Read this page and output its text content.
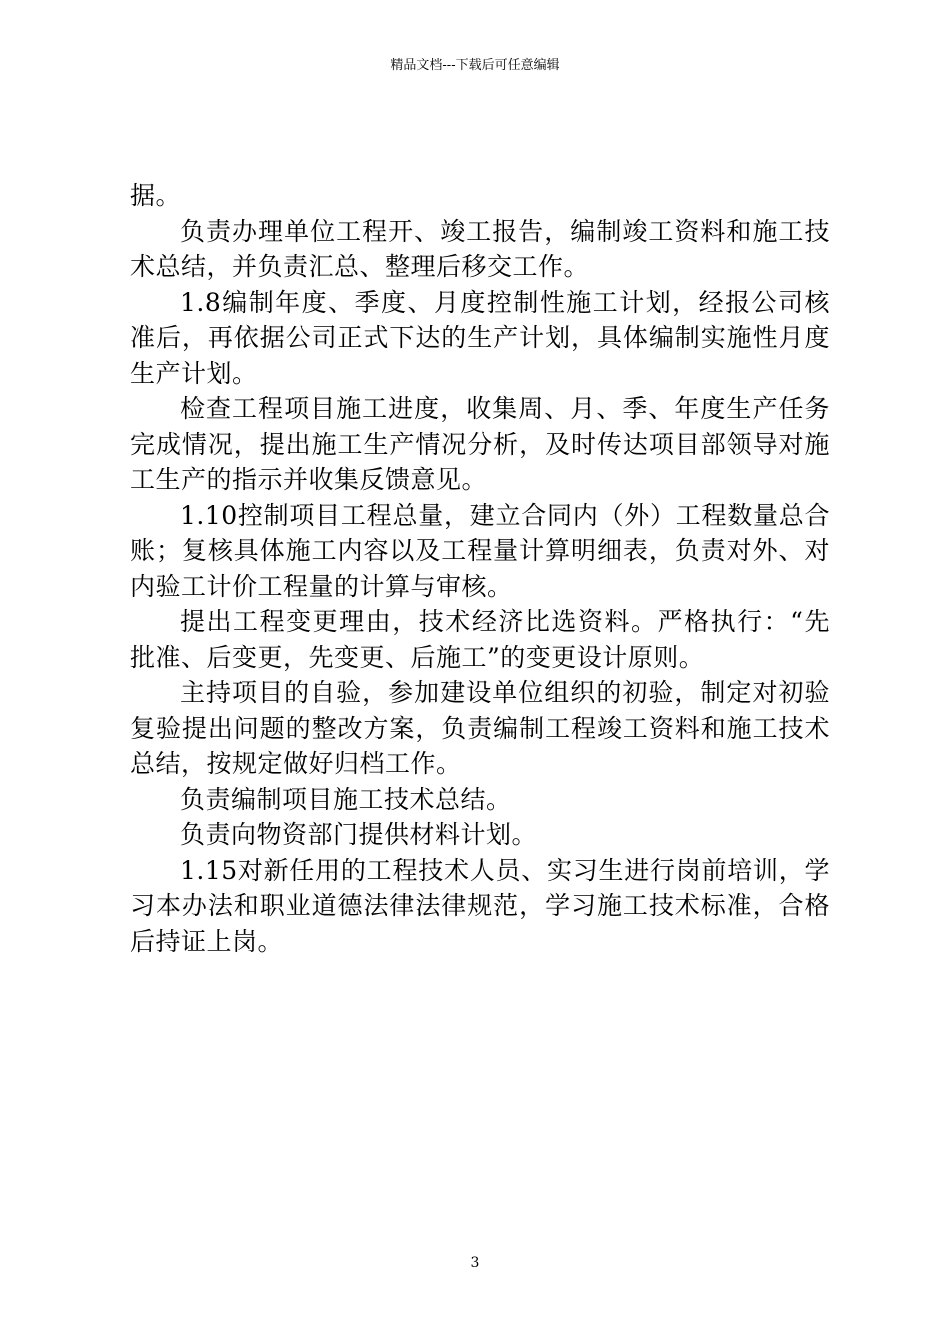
精品文档---下载后可任意编辑

据。

负责办理单位工程开、竣工报告，编制竣工资料和施工技术总结，并负责汇总、整理后移交工作。

1.8编制年度、季度、月度控制性施工计划，经报公司核准后，再依据公司正式下达的生产计划，具体编制实施性月度生产计划。

检查工程项目施工进度，收集周、月、季、年度生产任务完成情况，提出施工生产情况分析，及时传达项目部领导对施工生产的指示并收集反馈意见。

1.10控制项目工程总量，建立合同内（外）工程数量总合账；复核具体施工内容以及工程量计算明细表，负责对外、对内验工计价工程量的计算与审核。

提出工程变更理由，技术经济比选资料。严格执行：“先批准、后变更，先变更、后施工”的变更设计原则。

主持项目的自验，参加建设单位组织的初验，制定对初验复验提出问题的整改方案，负责编制工程竣工资料和施工技术总结，按规定做好归档工作。

负责编制项目施工技术总结。

负责向物资部门提供材料计划。

1.15对新任用的工程技术人员、实习生进行岗前培训，学习本办法和职业道德法律法律规范，学习施工技术标准，合格后持证上岗。

3
